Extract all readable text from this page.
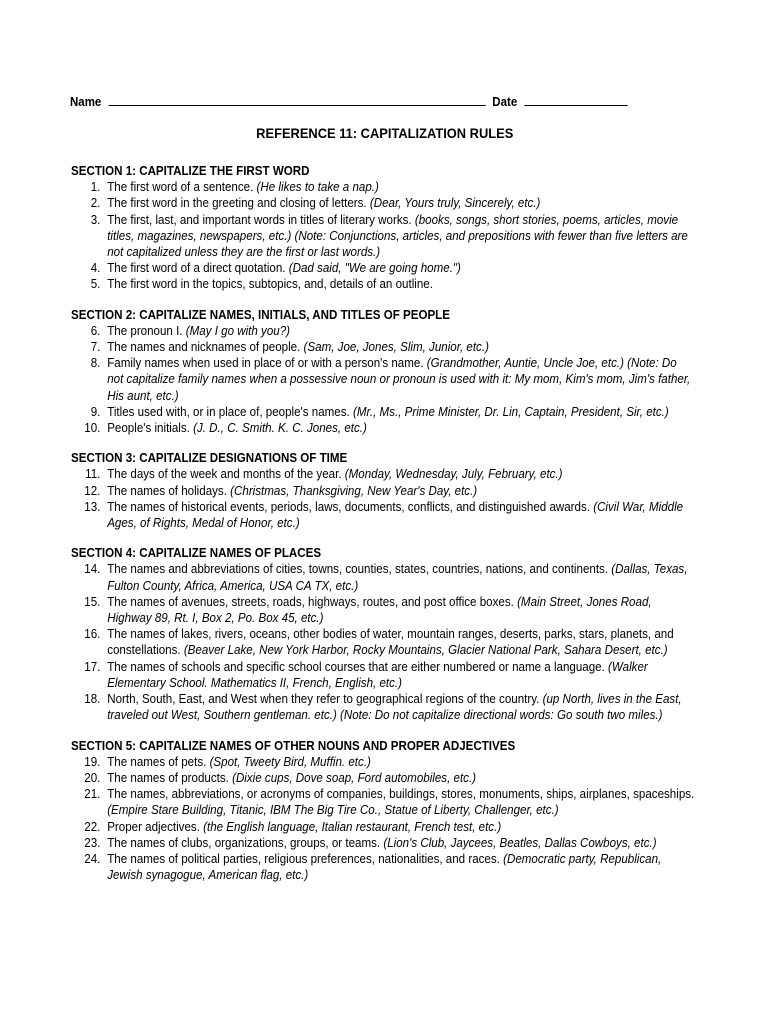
Name	Date
REFERENCE 11: CAPITALIZATION RULES
SECTION 1: CAPITALIZE THE FIRST WORD
1. The first word of a sentence. (He likes to take a nap.)
2. The first word in the greeting and closing of letters. (Dear, Yours truly, Sincerely, etc.)
3. The first, last, and important words in titles of literary works. (books, songs, short stories, poems, articles, movie titles, magazines, newspapers, etc.) (Note: Conjunctions, articles, and prepositions with fewer than five letters are not capitalized unless they are the first or last words.)
4. The first word of a direct quotation. (Dad said, "We are going home.")
5. The first word in the topics, subtopics, and, details of an outline.
SECTION 2: CAPITALIZE NAMES, INITIALS, AND TITLES OF PEOPLE
6. The pronoun I. (May I go with you?)
7. The names and nicknames of people. (Sam, Joe, Jones, Slim, Junior, etc.)
8. Family names when used in place of or with a person's name. (Grandmother, Auntie, Uncle Joe, etc.) (Note: Do not capitalize family names when a possessive noun or pronoun is used with it: My mom, Kim's mom, Jim's father, His aunt, etc.)
9. Titles used with, or in place of, people's names. (Mr., Ms., Prime Minister, Dr. Lin, Captain, President, Sir, etc.)
10. People's initials. (J. D., C. Smith. K. C. Jones, etc.)
SECTION 3: CAPITALIZE DESIGNATIONS OF TIME
11. The days of the week and months of the year. (Monday, Wednesday, July, February, etc.)
12. The names of holidays. (Christmas, Thanksgiving, New Year's Day, etc.)
13. The names of historical events, periods, laws, documents, conflicts, and distinguished awards. (Civil War, Middle Ages, of Rights, Medal of Honor, etc.)
SECTION 4: CAPITALIZE NAMES OF PLACES
14. The names and abbreviations of cities, towns, counties, states, countries, nations, and continents. (Dallas, Texas, Fulton County, Africa, America, USA CA TX, etc.)
15. The names of avenues, streets, roads, highways, routes, and post office boxes. (Main Street, Jones Road, Highway 89, Rt. I, Box 2, Po. Box 45, etc.)
16. The names of lakes, rivers, oceans, other bodies of water, mountain ranges, deserts, parks, stars, planets, and constellations. (Beaver Lake, New York Harbor, Rocky Mountains, Glacier National Park, Sahara Desert, etc.)
17. The names of schools and specific school courses that are either numbered or name a language. (Walker Elementary School. Mathematics II, French, English, etc.)
18. North, South, East, and West when they refer to geographical regions of the country. (up North, lives in the East, traveled out West, Southern gentleman. etc.) (Note: Do not capitalize directional words: Go south two miles.)
SECTION 5: CAPITALIZE NAMES OF OTHER NOUNS AND PROPER ADJECTIVES
19. The names of pets. (Spot, Tweety Bird, Muffin. etc.)
20. The names of products. (Dixie cups, Dove soap, Ford automobiles, etc.)
21. The names, abbreviations, or acronyms of companies, buildings, stores, monuments, ships, airplanes, spaceships. (Empire Stare Building, Titanic, IBM The Big Tire Co., Statue of Liberty, Challenger, etc.)
22. Proper adjectives. (the English language, Italian restaurant, French test, etc.)
23. The names of clubs, organizations, groups, or teams. (Lion's Club, Jaycees, Beatles, Dallas Cowboys, etc.)
24. The names of political parties, religious preferences, nationalities, and races. (Democratic party, Republican, Jewish synagogue, American flag, etc.)
